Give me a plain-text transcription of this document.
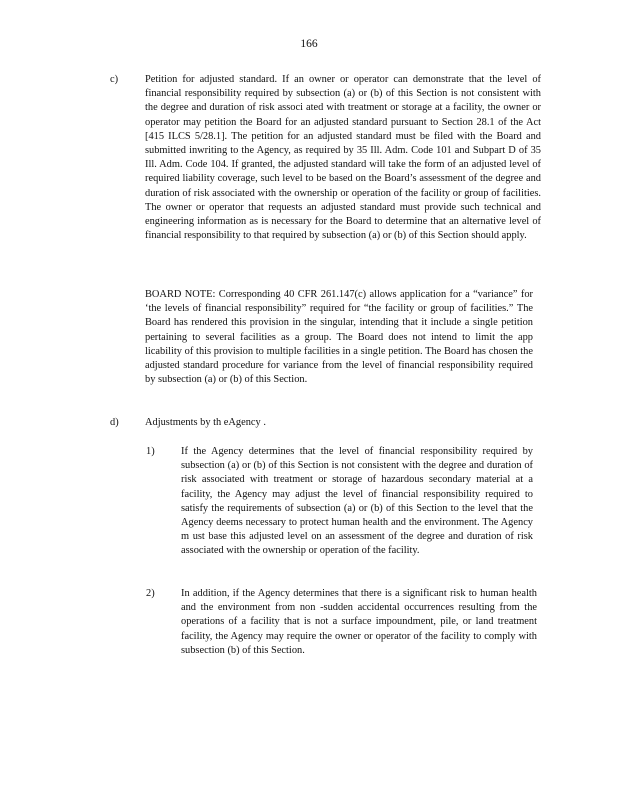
166
c)	Petition for adjusted standard. If an owner or operator can demonstrate that the level of financial responsibility required by subsection (a) or (b) of this Section is not consistent with the degree and duration of risk associ ated with treatment or storage at a facility, the owner or operator may petition the Board for an adjusted standard pursuant to Section 28.1 of the Act [415 ILCS 5/28.1]. The petition for an adjusted standard must be filed with the Board and submitted inwriting to the Agency, as required by 35 Ill. Adm. Code 101 and Subpart D of 35 Ill. Adm. Code 104. If granted, the adjusted standard will take the form of an adjusted level of required liability coverage, such level to be based on the Board’s assessment of the degree and duration of risk associated with the ownership or operation of the facility or group of facilities. The owner or operator that requests an adjusted standard must provide such technical and engineering information as is necessary for the Board to determine that an alternative level of financial responsibility to that required by subsection (a) or (b) of this Section should apply.
BOARD NOTE: Corresponding 40 CFR 261.147(c) allows application for a “variance” for ‘the levels of financial responsibility” required for “the facility or group of facilities.” The Board has rendered this provision in the singular, intending that it include a single petition pertaining to several facilities as a group. The Board does not intend to limit the app licability of this provision to multiple facilities in a single petition. The Board has chosen the adjusted standard procedure for variance from the level of financial responsibility required by subsection (a) or (b) of this Section.
d)	Adjustments by th eAgency .
1)	If the Agency determines that the level of financial responsibility required by subsection (a) or (b) of this Section is not consistent with the degree and duration of risk associated with treatment or storage of hazardous secondary material at a facility, the Agency may adjust the level of financial responsibility required to satisfy the requirements of subsection (a) or (b) of this Section to the level that the Agency deems necessary to protect human health and the environment. The Agency m ust base this adjusted level on an assessment of the degree and duration of risk associated with the ownership or operation of the facility.
2)	In addition, if the Agency determines that there is a significant risk to human health and the environment from non -sudden accidental occurrences resulting from the operations of a facility that is not a surface impoundment, pile, or land treatment facility, the Agency may require the owner or operator of the facility to comply with subsection (b) of this Section.
